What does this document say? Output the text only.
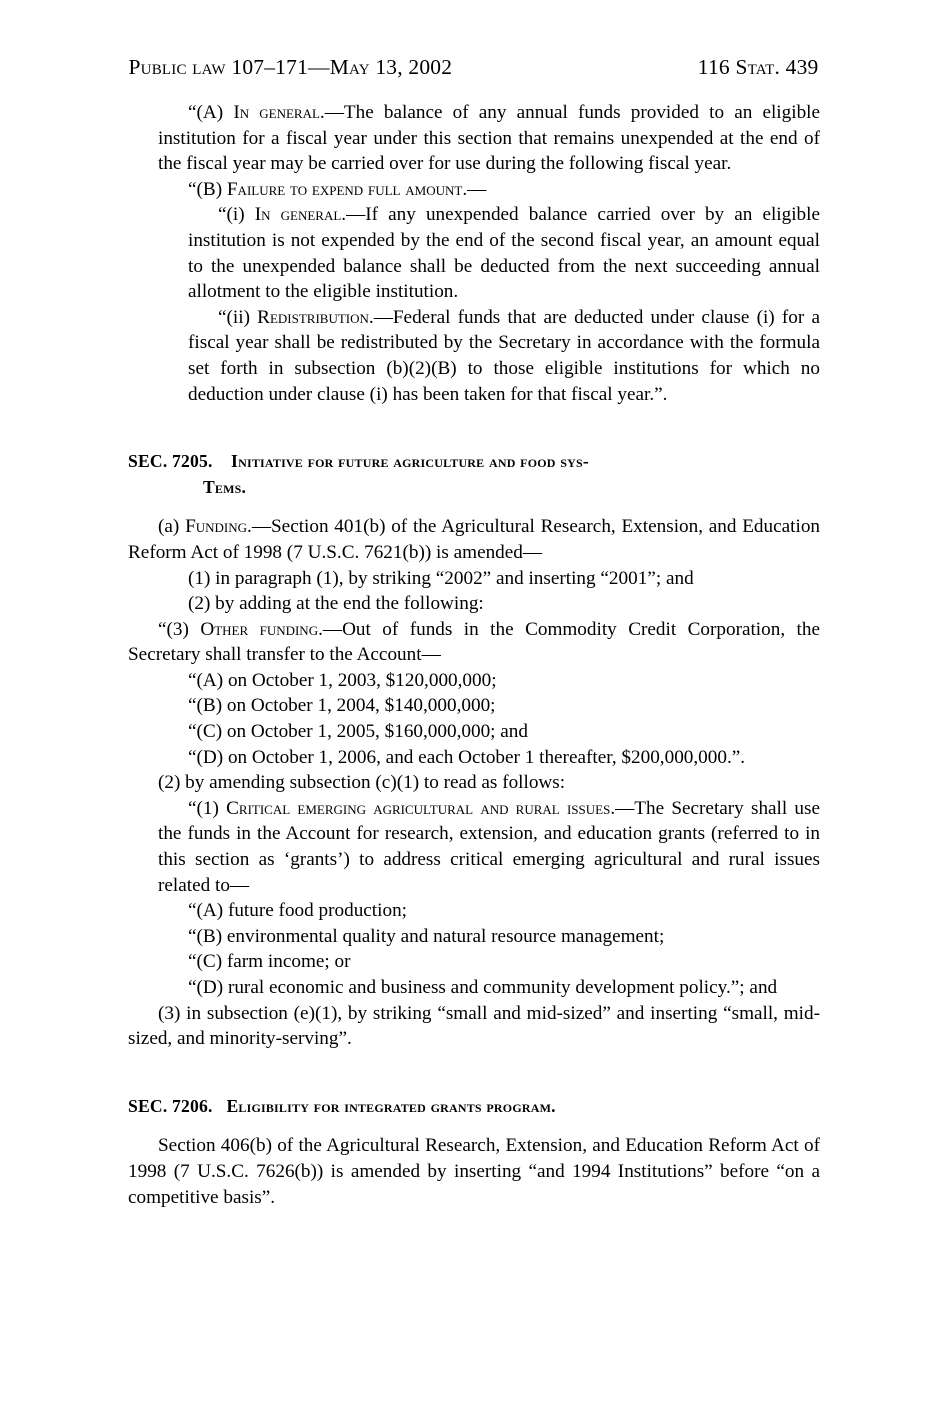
Public law 107–171—May 13, 2002	116 Stat. 439

“(A) In general.—The balance of any annual funds provided to an eligible institution for a fiscal year under this section that remains unexpended at the end of the fiscal year may be carried over for use during the following fiscal year.

“(B) Failure to expend full amount.—

“(i) In general.—If any unexpended balance carried over by an eligible institution is not expended by the end of the second fiscal year, an amount equal to the unexpended balance shall be deducted from the next succeeding annual allotment to the eligible institution.

“(ii) Redistribution.—Federal funds that are deducted under clause (i) for a fiscal year shall be redistributed by the Secretary in accordance with the formula set forth in subsection (b)(2)(B) to those eligible institutions for which no deduction under clause (i) has been taken for that fiscal year.”.

SEC. 7205. Initiative for future agriculture and food sys-
Tems.

(a) Funding.—Section 401(b) of the Agricultural Research, Extension, and Education Reform Act of 1998 (7 U.S.C. 7621(b)) is amended—

(1) in paragraph (1), by striking “2002” and inserting “2001”; and

(2) by adding at the end the following:

“(3) Other funding.—Out of funds in the Commodity Credit Corporation, the Secretary shall transfer to the Account—

“(A) on October 1, 2003, $120,000,000;

“(B) on October 1, 2004, $140,000,000;

“(C) on October 1, 2005, $160,000,000; and

“(D) on October 1, 2006, and each October 1 thereafter, $200,000,000.”.

(2) by amending subsection (c)(1) to read as follows:

“(1) Critical emerging agricultural and rural issues.—The Secretary shall use the funds in the Account for research, extension, and education grants (referred to in this section as ‘grants’) to address critical emerging agricultural and rural issues related to—

“(A) future food production;

“(B) environmental quality and natural resource management;

“(C) farm income; or

“(D) rural economic and business and community development policy.”; and

(3) in subsection (e)(1), by striking “small and mid-sized” and inserting “small, mid-sized, and minority-serving”.

SEC. 7206. Eligibility for integrated grants program.

Section 406(b) of the Agricultural Research, Extension, and Education Reform Act of 1998 (7 U.S.C. 7626(b)) is amended by inserting “and 1994 Institutions” before “on a competitive basis”.
